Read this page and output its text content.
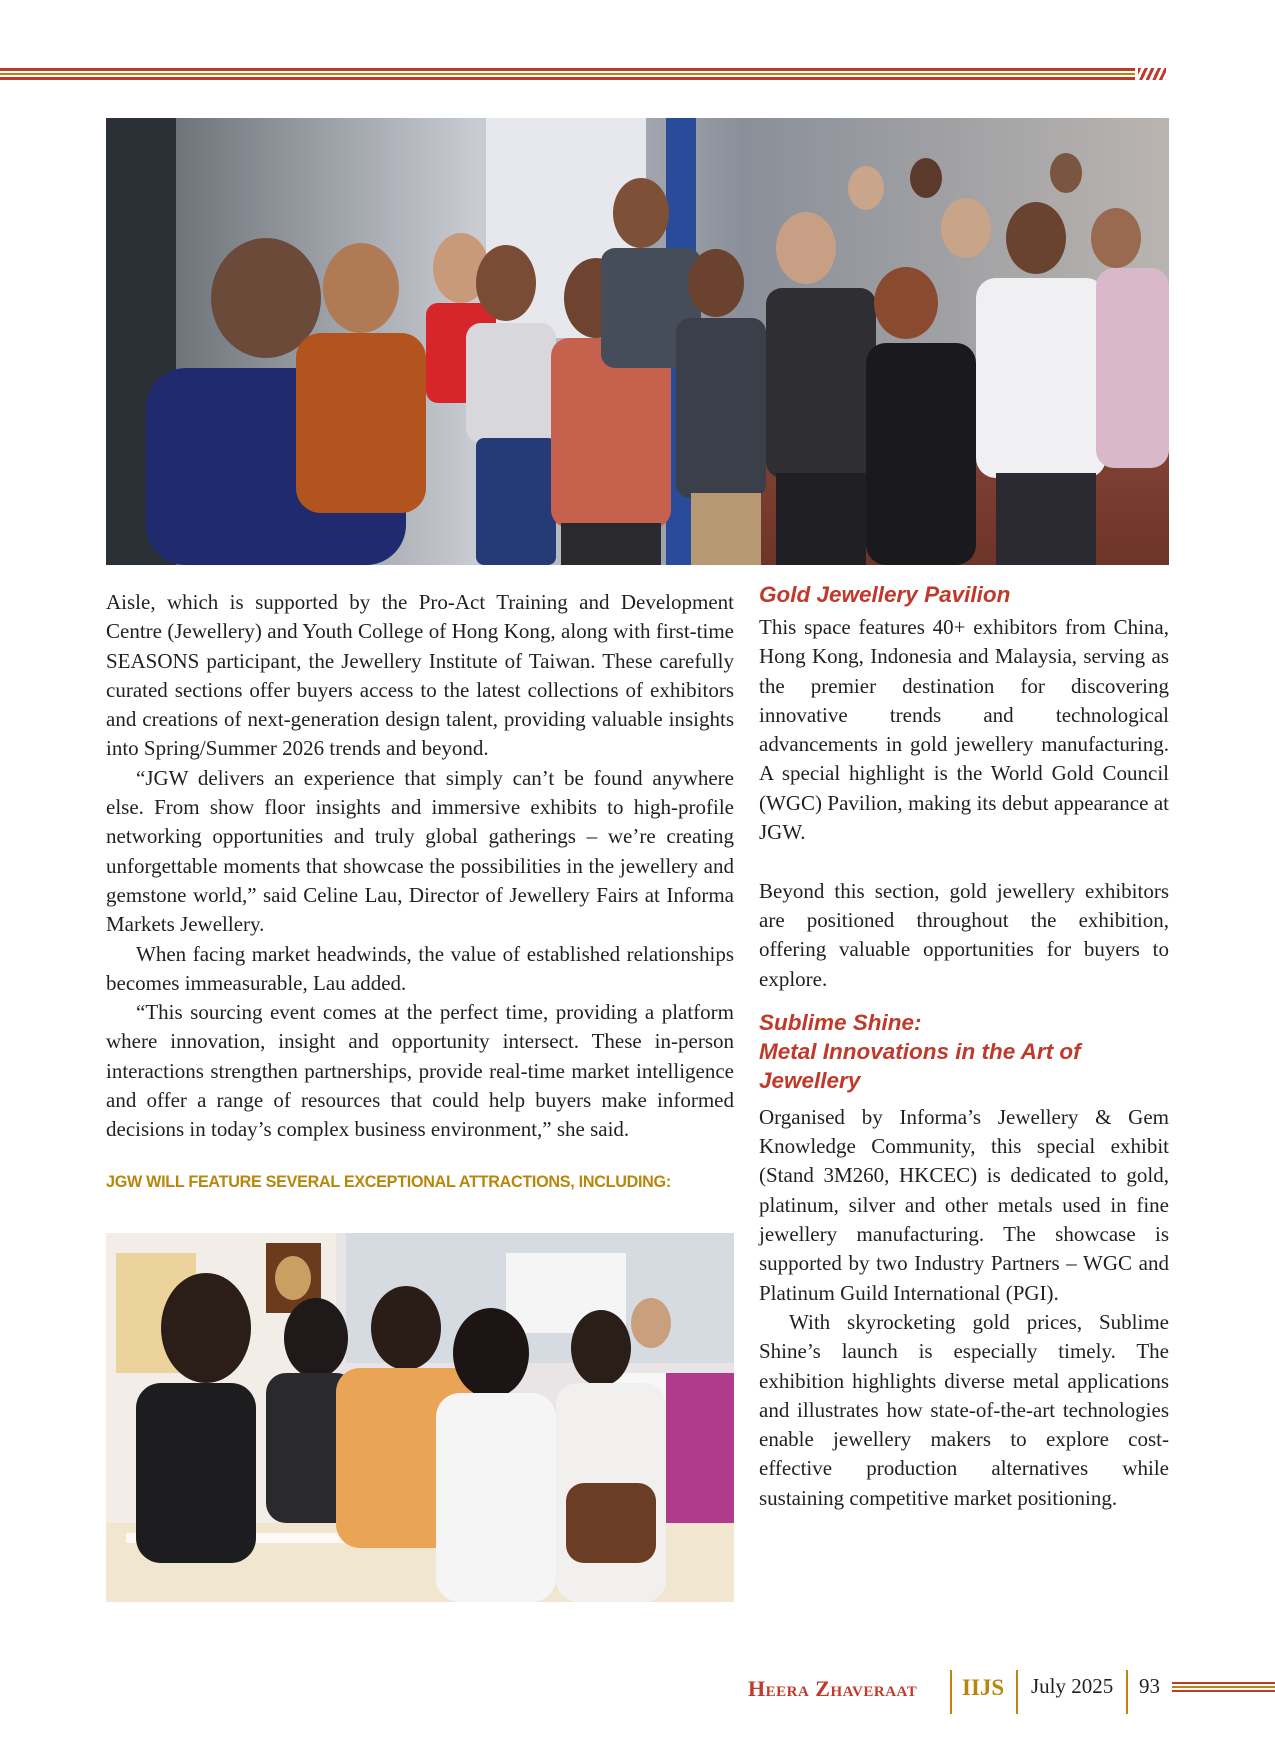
Aisle, which is supported by the Pro-Act Training and Development Centre (Jewellery) and Youth College of Hong Kong, along with first-time SEASONS participant, the Jewellery Institute of Taiwan. These carefully curated sections offer buyers access to the latest collections of exhibitors and creations of next-generation design talent, providing valuable insights into Spring/Summer 2026 trends and beyond.

“JGW delivers an experience that simply can’t be found anywhere else. From show floor insights and immersive exhibits to high-profile networking opportunities and truly global gatherings – we’re creating unforgettable moments that showcase the possibilities in the jewellery and gemstone world,” said Celine Lau, Director of Jewellery Fairs at Informa Markets Jewellery.

When facing market headwinds, the value of established relationships becomes immeasurable, Lau added.

“This sourcing event comes at the perfect time, providing a platform where innovation, insight and opportunity intersect. These in-person interactions strengthen partnerships, provide real-time market intelligence and offer a range of resources that could help buyers make informed decisions in today’s complex business environment,” she said.

JGW WILL FEATURE SEVERAL EXCEPTIONAL ATTRACTIONS, INCLUDING:
Gold Jewellery Pavilion

This space features 40+ exhibitors from China, Hong Kong, Indonesia and Malaysia, serving as the premier destination for discovering innovative trends and technological advancements in gold jewellery manufacturing. A special highlight is the World Gold Council (WGC) Pavilion, making its debut appearance at JGW.

Beyond this section, gold jewellery exhibitors are positioned throughout the exhibition, offering valuable opportunities for buyers to explore.

Sublime Shine:
Metal Innovations in the Art of Jewellery

Organised by Informa’s Jewellery & Gem Knowledge Community, this special exhibit (Stand 3M260, HKCEC) is dedicated to gold, platinum, silver and other metals used in fine jewellery manufacturing. The showcase is supported by two Industry Partners – WGC and Platinum Guild International (PGI).

With skyrocketing gold prices, Sublime Shine’s launch is especially timely. The exhibition highlights diverse metal applications and illustrates how state-of-the-art technologies enable jewellery makers to explore cost-effective production alternatives while sustaining competitive market positioning.

Heera Zhaveraat IIJS July 2025 93
